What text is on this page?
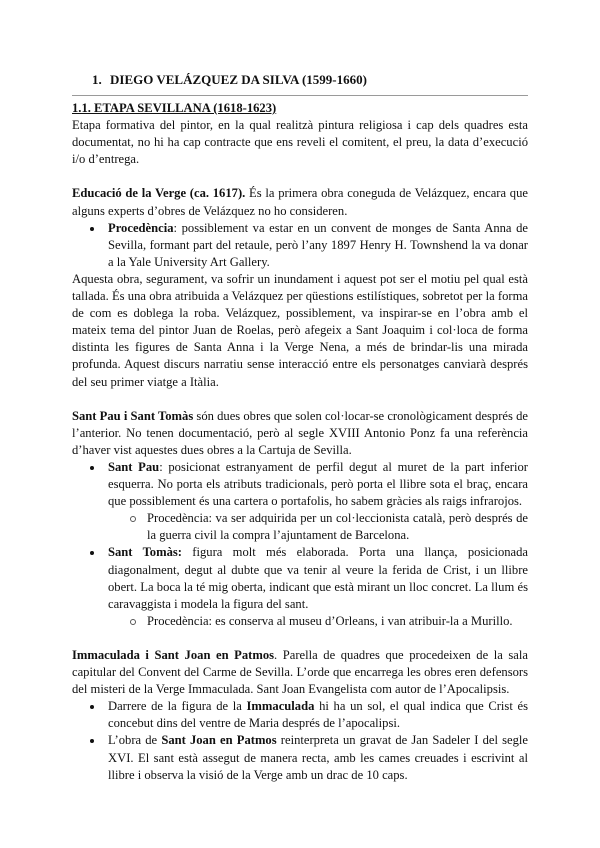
1. DIEGO VELÁZQUEZ DA SILVA (1599-1660)
1.1. ETAPA SEVILLANA (1618-1623)

Etapa formativa del pintor, en la qual realitzà pintura religiosa i cap dels quadres esta documentat, no hi ha cap contracte que ens reveli el comitent, el preu, la data d’execució i/o d’entrega.

Educació de la Verge (ca. 1617). És la primera obra coneguda de Velázquez, encara que alguns experts d’obres de Velázquez no ho consideren.

Procedència: possiblement va estar en un convent de monges de Santa Anna de Sevilla, formant part del retaule, però l’any 1897 Henry H. Townshend la va donar a la Yale University Art Gallery.

Aquesta obra, segurament, va sofrir un inundament i aquest pot ser el motiu pel qual està tallada. És una obra atribuida a Velázquez per qüestions estilístiques, sobretot per la forma de com es doblega la roba. Velázquez, possiblement, va inspirar-se en l’obra amb el mateix tema del pintor Juan de Roelas, però afegeix a Sant Joaquim i col·loca de forma distinta les figures de Santa Anna i la Verge Nena, a més de brindar-lis una mirada profunda. Aquest discurs narratiu sense interacció entre els personatges canviarà després del seu primer viatge a Itàlia.

Sant Pau i Sant Tomàs són dues obres que solen col·locar-se cronològicament després de l’anterior. No tenen documentació, però al segle XVIII Antonio Ponz fa una referència d’haver vist aquestes dues obres a la Cartuja de Sevilla.

Sant Pau: posicionat estranyament de perfil degut al muret de la part inferior esquerra. No porta els atributs tradicionals, però porta el llibre sota el braç, encara que possiblement és una cartera o portafolis, ho sabem gràcies als raigs infrarojos.
Procedència: va ser adquirida per un col·leccionista català, però després de la guerra civil la compra l’ajuntament de Barcelona.
Sant Tomàs: figura molt més elaborada. Porta una llança, posicionada diagonalment, degut al dubte que va tenir al veure la ferida de Crist, i un llibre obert. La boca la té mig oberta, indicant que està mirant un lloc concret. La llum és caravaggista i modela la figura del sant.
Procedència: es conserva al museu d’Orleans, i van atribuir-la a Murillo.

Immaculada i Sant Joan en Patmos. Parella de quadres que procedeixen de la sala capitular del Convent del Carme de Sevilla. L’orde que encarrega les obres eren defensors del misteri de la Verge Immaculada. Sant Joan Evangelista com autor de l’Apocalipsis.

Darrere de la figura de la Immaculada hi ha un sol, el qual indica que Crist és concebut dins del ventre de Maria després de l’apocalipsi.
L’obra de Sant Joan en Patmos reinterpreta un gravat de Jan Sadeler I del segle XVI. El sant està assegut de manera recta, amb les cames creuades i escrivint al llibre i observa la visió de la Verge amb un drac de 10 caps.
